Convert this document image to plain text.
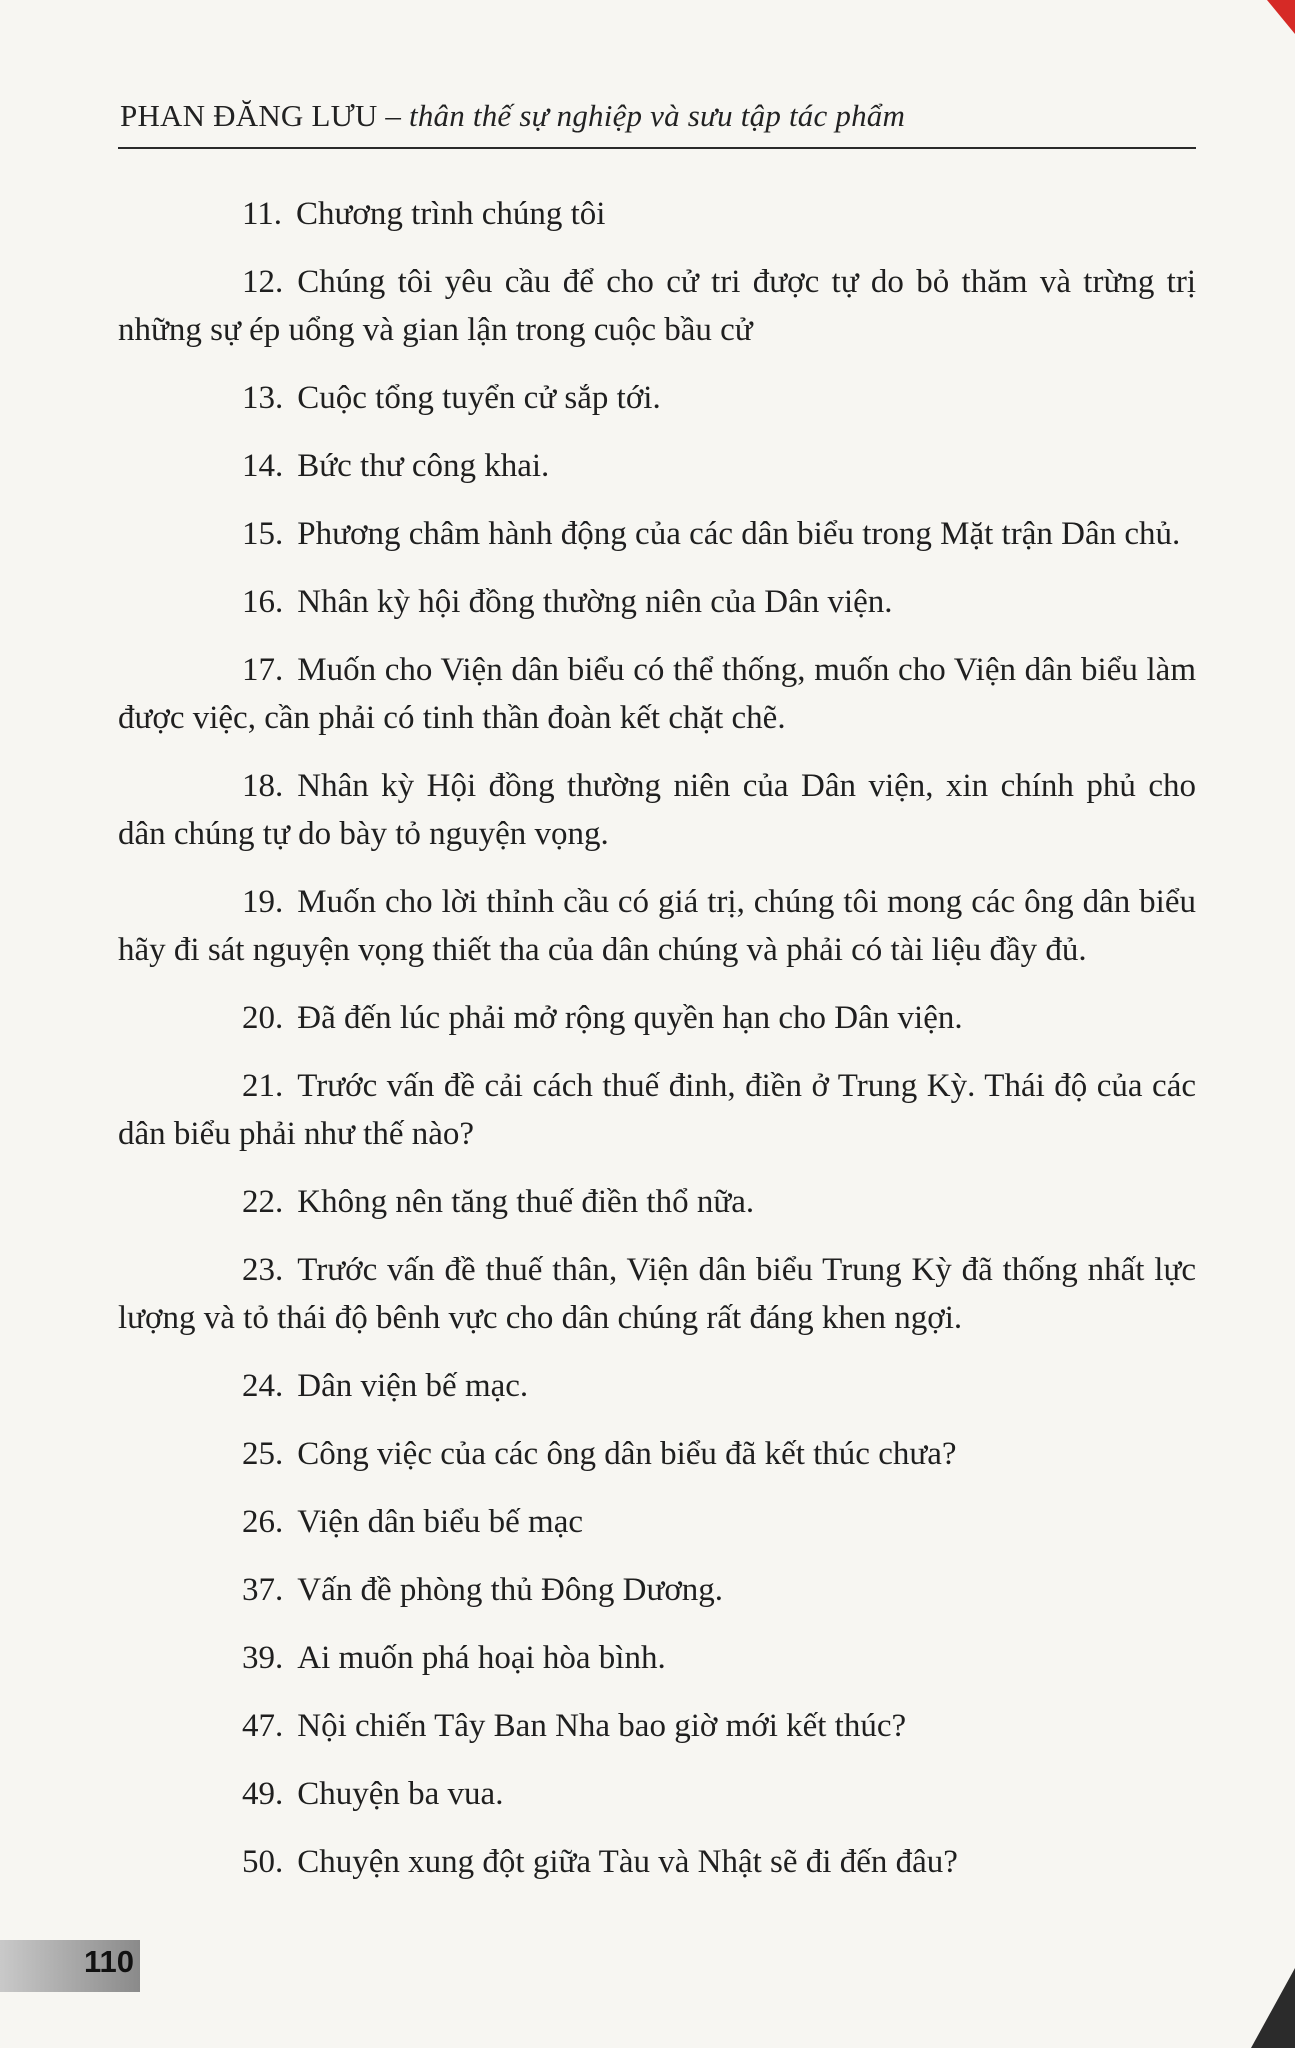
PHAN ĐĂNG LƯU – thân thế sự nghiệp và sưu tập tác phẩm

11. Chương trình chúng tôi

12. Chúng tôi yêu cầu để cho cử tri được tự do bỏ thăm và trừng trị những sự ép uổng và gian lận trong cuộc bầu cử

13. Cuộc tổng tuyển cử sắp tới.

14. Bức thư công khai.

15. Phương châm hành động của các dân biểu trong Mặt trận Dân chủ.

16. Nhân kỳ hội đồng thường niên của Dân viện.

17. Muốn cho Viện dân biểu có thể thống, muốn cho Viện dân biểu làm được việc, cần phải có tinh thần đoàn kết chặt chẽ.

18. Nhân kỳ Hội đồng thường niên của Dân viện, xin chính phủ cho dân chúng tự do bày tỏ nguyện vọng.

19. Muốn cho lời thỉnh cầu có giá trị, chúng tôi mong các ông dân biểu hãy đi sát nguyện vọng thiết tha của dân chúng và phải có tài liệu đầy đủ.

20. Đã đến lúc phải mở rộng quyền hạn cho Dân viện.

21. Trước vấn đề cải cách thuế đinh, điền ở Trung Kỳ. Thái độ của các dân biểu phải như thế nào?

22. Không nên tăng thuế điền thổ nữa.

23. Trước vấn đề thuế thân, Viện dân biểu Trung Kỳ đã thống nhất lực lượng và tỏ thái độ bênh vực cho dân chúng rất đáng khen ngợi.

24. Dân viện bế mạc.

25. Công việc của các ông dân biểu đã kết thúc chưa?

26. Viện dân biểu bế mạc

37. Vấn đề phòng thủ Đông Dương.

39. Ai muốn phá hoại hòa bình.

47. Nội chiến Tây Ban Nha bao giờ mới kết thúc?

49. Chuyện ba vua.

50. Chuyện xung đột giữa Tàu và Nhật sẽ đi đến đâu?

110
